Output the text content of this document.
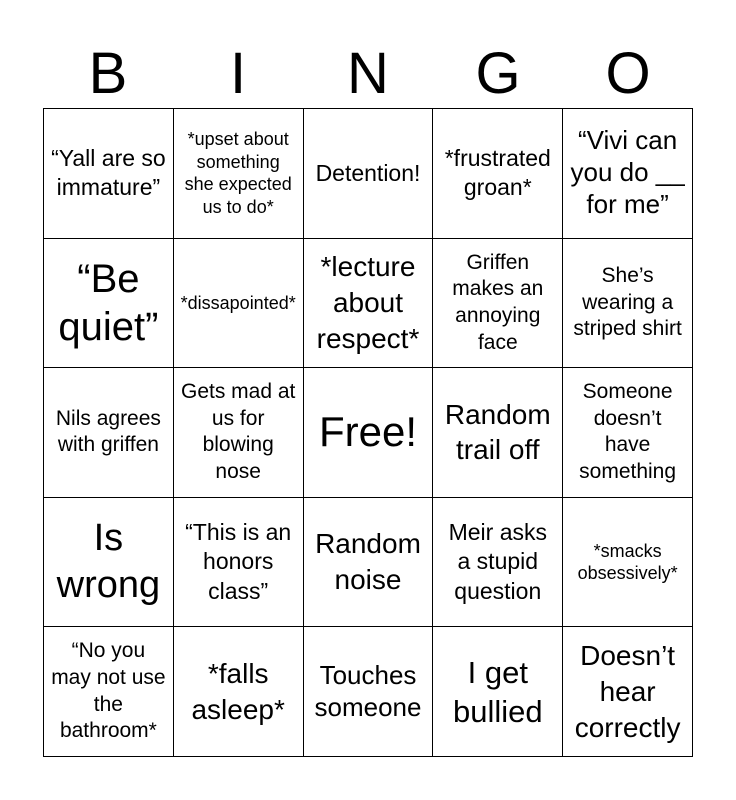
B	I	N	G	O
“Yall are so immature”
*upset about something she expected us to do*
Detention!
*frustrated groan*
“Vivi can you do __ for me”
“Be quiet”
*dissapointed*
*lecture about respect*
Griffen makes an annoying face
She’s wearing a striped shirt
Nils agrees with griffen
Gets mad at us for blowing nose
Free! Random trail off
Someone doesn’t have something
Is wrong
“This is an honors class”
Random noise
Meir asks a stupid question
*smacks obsessively*
“No you may not use the bathroom*
*falls asleep*
Touches someone
I get bullied
Doesn’t hear correctly
